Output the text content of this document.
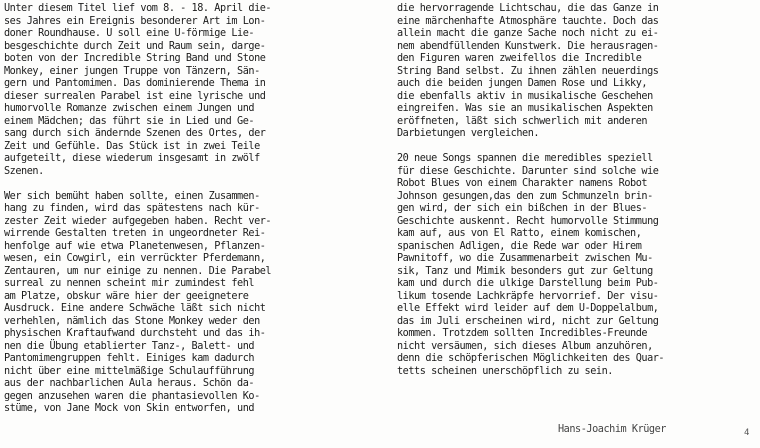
Unter diesem Titel lief vom 8. - 18. April die-
ses Jahres ein Ereignis besonderer Art im Lon-
doner Roundhause. U soll eine U-förmige Lie-
besgeschichte durch Zeit und Raum sein, darge-
boten von der Incredible String Band und Stone
Monkey, einer jungen Truppe von Tänzern, Sän-
gern und Pantomimen. Das dominierende Thema in
dieser surrealen Parabel ist eine lyrische und
humorvolle Romanze zwischen einem Jungen und
einem Mädchen; das führt sie in Lied und Ge-
sang durch sich ändernde Szenen des Ortes, der
Zeit und Gefühle. Das Stück ist in zwei Teile
aufgeteilt, diese wiederum insgesamt in zwölf
Szenen.
Wer sich bemüht haben sollte, einen Zusammen-
hang zu finden, wird das spätestens nach kür-
zester Zeit wieder aufgegeben haben. Recht ver-
wirrende Gestalten treten in ungeordneter Rei-
henfolge auf wie etwa Planetenwesen, Pflanzen-
wesen, ein Cowgirl, ein verrückter Pferdemann,
Zentauren, um nur einige zu nennen. Die Parabel
surreal zu nennen scheint mir zumindest fehl
am Platze, obskur wäre hier der geeignetere
Ausdruck. Eine andere Schwäche läßt sich nicht
verhehlen, nämlich das Stone Monkey weder den
physischen Kraftaufwand durchsteht und das ih-
nen die Übung etablierter Tanz-, Balett- und
Pantomimengruppen fehlt. Einiges kam dadurch
nicht über eine mittelmäßige Schulaufführung
aus der nachbarlichen Aula heraus. Schön da-
gegen anzusehen waren die phantasievollen Ko-
stüme, von Jane Mock von Skin entworfen, und
die hervorragende Lichtschau, die das Ganze in
eine märchenhafte Atmosphäre tauchte. Doch das
allein macht die ganze Sache noch nicht zu ei-
nem abendfüllenden Kunstwerk. Die herausragen-
den Figuren waren zweifellos die Incredible
String Band selbst. Zu ihnen zählen neuerdings
auch die beiden jungen Damen Rose und Likky,
die ebenfalls aktiv in musikalische Geschehen
eingreifen. Was sie an musikalischen Aspekten
eröffneten, läßt sich schwerlich mit anderen
Darbietungen vergleichen.
20 neue Songs spannen die meredibles speziell
für diese Geschichte. Darunter sind solche wie
Robot Blues von einem Charakter namens Robot
Johnson gesungen,das den zum Schmunzeln brin-
gen wird, der sich ein bißchen in der Blues-
Geschichte auskennt. Recht humorvolle Stimmung
kam auf, aus von El Ratto, einem komischen,
spanischen Adligen, die Rede war oder Hirem
Pawnitoff, wo die Zusammenarbeit zwischen Mu-
sik, Tanz und Mimik besonders gut zur Geltung
kam und durch die ulkige Darstellung beim Pub-
likum tosende Lachkräpfe hervorrief. Der visu-
elle Effekt wird leider auf dem U-Doppelalbum,
das im Juli erscheinen wird, nicht zur Geltung
kommen. Trotzdem sollten Incredibles-Freunde
nicht versäumen, sich dieses Album anzuhören,
denn die schöpferischen Möglichkeiten des Quar-
tetts scheinen unerschöpflich zu sein.
Hans-Joachim Krüger	4
